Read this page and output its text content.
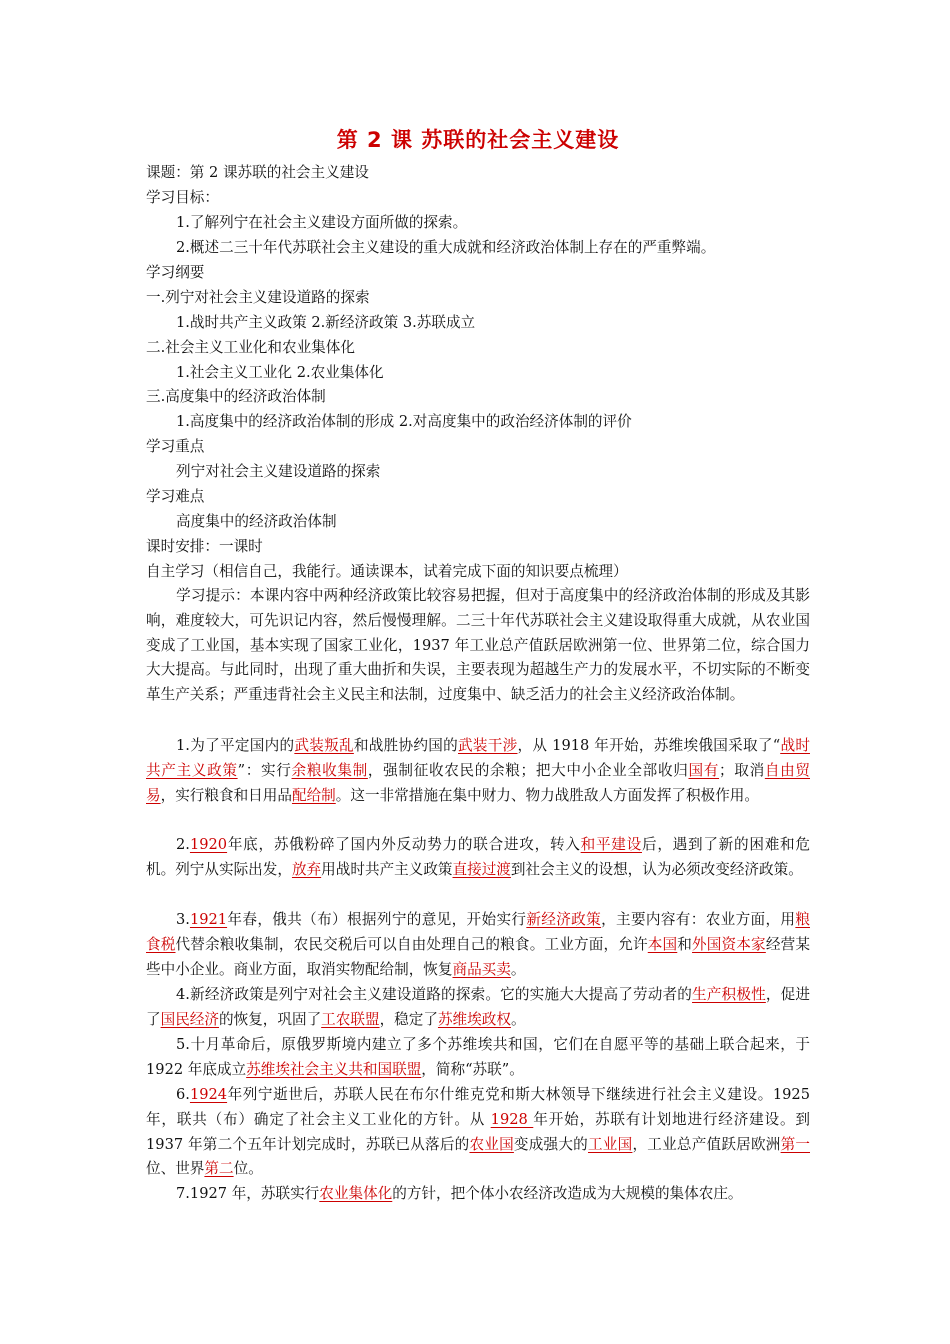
第 2 课 苏联的社会主义建设
课题：第 2 课苏联的社会主义建设
学习目标：
1.了解列宁在社会主义建设方面所做的探索。
2.概述二三十年代苏联社会主义建设的重大成就和经济政治体制上存在的严重弊端。
学习纲要
一.列宁对社会主义建设道路的探索
1.战时共产主义政策 2.新经济政策 3.苏联成立
二.社会主义工业化和农业集体化
1.社会主义工业化 2.农业集体化
三.高度集中的经济政治体制
1.高度集中的经济政治体制的形成 2.对高度集中的政治经济体制的评价
学习重点
列宁对社会主义建设道路的探索
学习难点
高度集中的经济政治体制
课时安排：一课时
自主学习（相信自己，我能行。通读课本，试着完成下面的知识要点梳理）
学习提示：本课内容中两种经济政策比较容易把握，但对于高度集中的经济政治体制的形成及其影响，难度较大，可先识记内容，然后慢慢理解。二三十年代苏联社会主义建设取得重大成就，从农业国变成了工业国，基本实现了国家工业化，1937 年工业总产值跃居欧洲第一位、世界第二位，综合国力大大提高。与此同时，出现了重大曲折和失误，主要表现为超越生产力的发展水平，不切实际的不断变革生产关系；严重违背社会主义民主和法制，过度集中、缺乏活力的社会主义经济政治体制。
1.为了平定国内的武装叛乱和战胜协约国的武装干涉，从 1918 年开始，苏维埃俄国采取了“战时共产主义政策”：实行余粮收集制，强制征收农民的余粮；把大中小企业全部收归国有；取消自由贸易，实行粮食和日用品配给制。这一非常措施在集中财力、物力战胜敌人方面发挥了积极作用。
2.1920年底，苏俄粉碎了国内外反动势力的联合进攻，转入和平建设后，遇到了新的困难和危机。列宁从实际出发，放弃用战时共产主义政策直接过渡到社会主义的设想，认为必须改变经济政策。
3.1921年春，俄共（布）根据列宁的意见，开始实行新经济政策，主要内容有：农业方面，用粮食税代替余粮收集制，农民交税后可以自由处理自己的粮食。工业方面，允许本国和外国资本家经营某些中小企业。商业方面，取消实物配给制，恢复商品买卖。
4.新经济政策是列宁对社会主义建设道路的探索。它的实施大大提高了劳动者的生产积极性，促进了国民经济的恢复，巩固了工农联盟，稳定了苏维埃政权。
5.十月革命后，原俄罗斯境内建立了多个苏维埃共和国，它们在自愿平等的基础上联合起来，于 1922 年底成立苏维埃社会主义共和国联盟，简称“苏联”。
6.1924年列宁逝世后，苏联人民在布尔什维克党和斯大林领导下继续进行社会主义建设。1925 年，联共（布）确定了社会主义工业化的方针。从 1928 年开始，苏联有计划地进行经济建设。到 1937 年第二个五年计划完成时，苏联已从落后的农业国变成强大的工业国，工业总产值跃居欧洲第一位、世界第二位。
7.1927 年，苏联实行农业集体化的方针，把个体小农经济改造成为大规模的集体农庄。
